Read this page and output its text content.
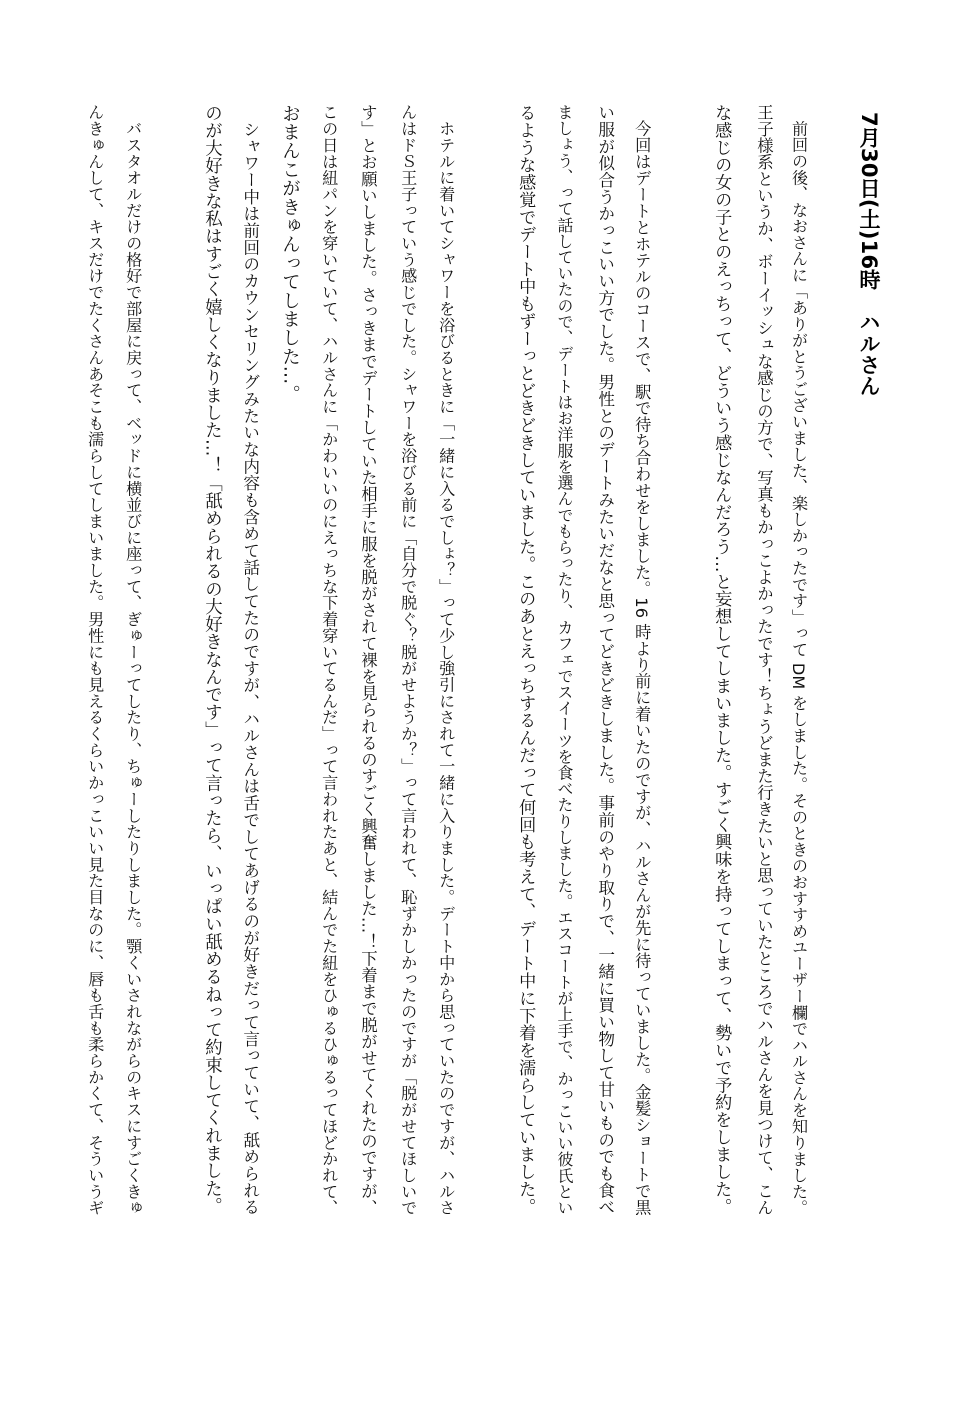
7月30日(土)16時　ハルさん
　前回の後、なおさんに「ありがとうございました、楽しかったです」って DM をしました。そのときのおすすめユーザー欄でハルさんを知りました。
王子様系というか、ボーイッシュな感じの方で、写真もかっこよかったです！ちょうどまた行きたいと思っていたところでハルさんを見つけて、こん
な感じの女の子とのえっちって、どういう感じなんだろう…と妄想してしまいました。すごく興味を持ってしまって、勢いで予約をしました。
　今回はデートとホテルのコースで、駅で待ち合わせをしました。16 時より前に着いたのですが、ハルさんが先に待っていました。金髪ショートで黒
い服が似合うかっこいい方でした。男性とのデートみたいだなと思ってどきどきしました。事前のやり取りで、一緒に買い物して甘いものでも食べ
ましょう、って話していたので、デートはお洋服を選んでもらったり、カフェでスイーツを食べたりしました。エスコートが上手で、かっこいい彼氏とい
るような感覚でデート中もずーっとどきどきしていました。このあとえっちするんだって何回も考えて、デート中に下着を濡らしていました。
　ホテルに着いてシャワーを浴びるときに「一緒に入るでしょ？」って少し強引にされて一緒に入りました。デート中から思っていたのですが、ハルさ
んはドＳ王子っていう感じでした。シャワーを浴びる前に「自分で脱ぐ？脱がせようか？」って言われて、恥ずかしかったのですが「脱がせてほしいで
す」とお願いしました。さっきまでデートしていた相手に服を脱がされて裸を見られるのすごく興奮しました…！下着まで脱がせてくれたのですが、
この日は紐パンを穿いていて、ハルさんに「かわいいのにえっちな下着穿いてるんだ」って言われたあと、結んでた紐をひゅるひゅるってほどかれて、
おまんこがきゅんってしました…。
　シャワー中は前回のカウンセリングみたいな内容も含めて話してたのですが、ハルさんは舌でしてあげるのが好きだって言っていて、舐められる
のが大好きな私はすごく嬉しくなりました…！「舐められるの大好きなんです」って言ったら、いっぱい舐めるねって約束してくれました。
　バスタオルだけの格好で部屋に戻って、ベッドに横並びに座って、ぎゅーってしたり、ちゅーしたりしました。顎くいされながらのキスにすごくきゅ
んきゅんして、キスだけでたくさんあそこも濡らしてしまいました。男性にも見えるくらいかっこいい見た目なのに、唇も舌も柔らかくて、そういうギ
